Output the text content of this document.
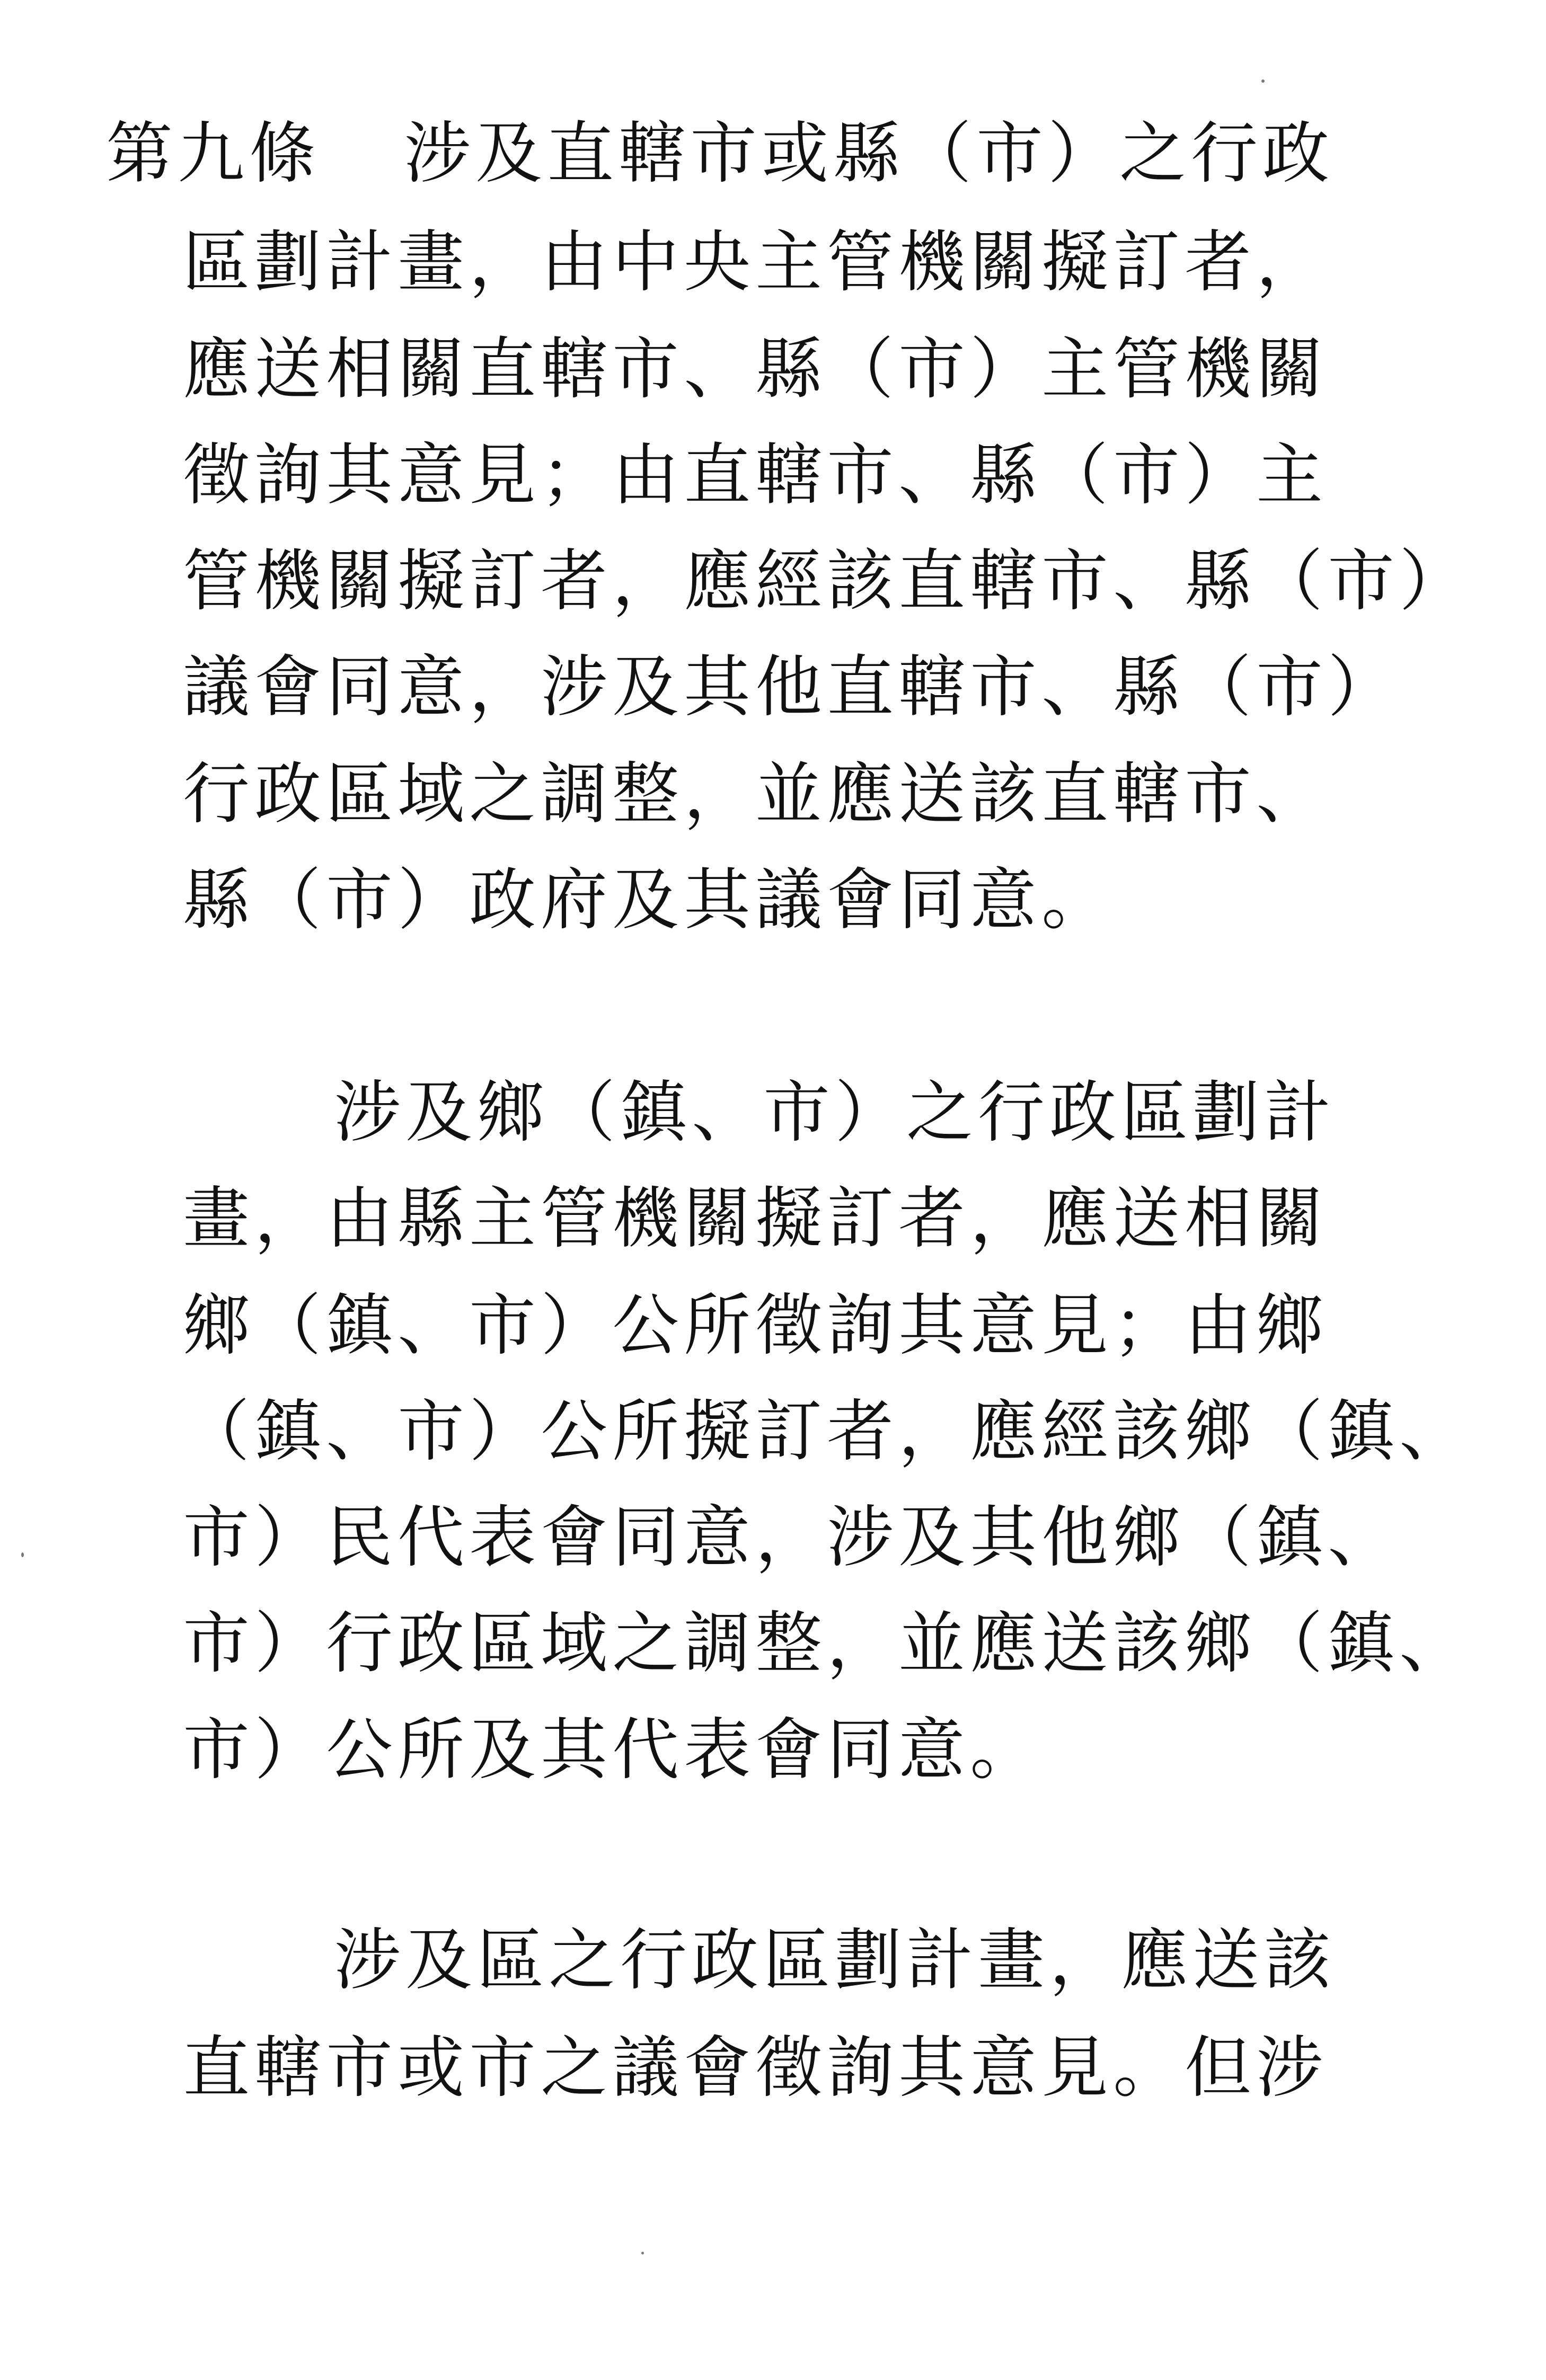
第九條 涉及直轄市或縣（市）之行政
區劃計畫，由中央主管機關擬訂者，
應送相關直轄市、縣（市）主管機關
徵詢其意見；由直轄市、縣（市）主
管機關擬訂者，應經該直轄市、縣（市）
議會同意，涉及其他直轄市、縣（市）
行政區域之調整，並應送該直轄市、
縣（市）政府及其議會同意。
涉及鄉（鎮、市）之行政區劃計
畫，由縣主管機關擬訂者，應送相關
鄉（鎮、市）公所徵詢其意見；由鄉
（鎮、市）公所擬訂者，應經該鄉（鎮、
市）民代表會同意，涉及其他鄉（鎮、
市）行政區域之調整，並應送該鄉（鎮、
市）公所及其代表會同意。
涉及區之行政區劃計畫，應送該
直轄市或市之議會徵詢其意見。但涉
